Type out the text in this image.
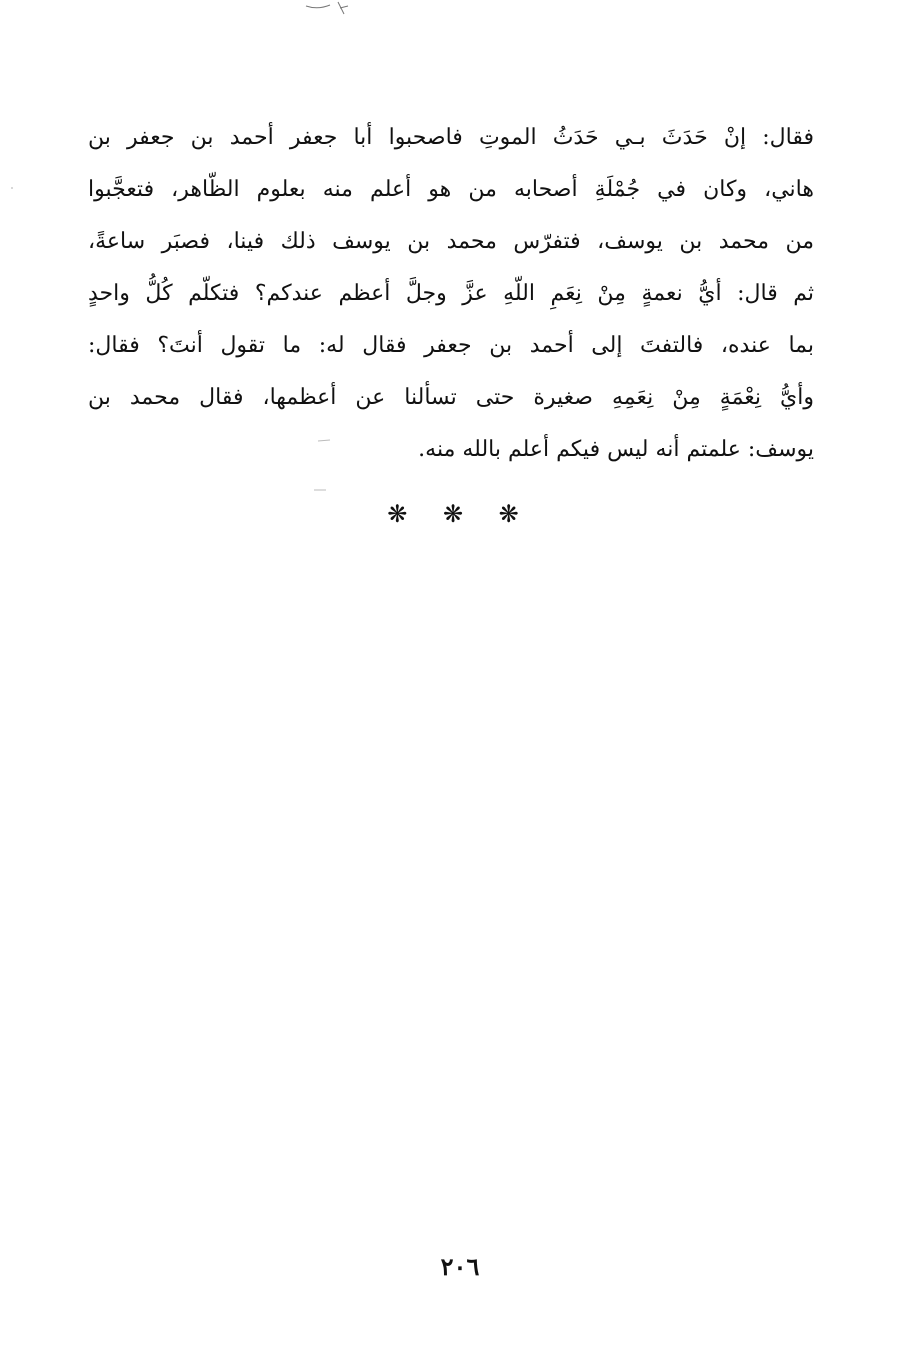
فقال: إنْ حَدَثَ بـي حَدَثُ الموتِ فاصحبوا أبا جعفر أحمد بن جعفر بن
هاني، وكان في جُمْلَةِ أصحابه من هو أعلم منه بعلوم الظّاهر، فتعجَّبوا
من محمد بن يوسف، فتفرّس محمد بن يوسف ذلك فينا، فصبَر ساعةً،
ثم قال: أيُّ نعمةٍ مِنْ نِعَمِ اللّهِ عزَّ وجلَّ أعظم عندكم؟ فتكلّم كُلُّ واحدٍ
بما عنده، فالتفتَ إلى أحمد بن جعفر فقال له: ما تقول أنتَ؟ فقال:
وأيُّ نِعْمَةٍ مِنْ نِعَمِهِ صغيرة حتى تسألنا عن أعظمها، فقال محمد بن
يوسف: علمتم أنه ليس فيكم أعلم بالله منه.
❋ ❋ ❋
٢٠٦
